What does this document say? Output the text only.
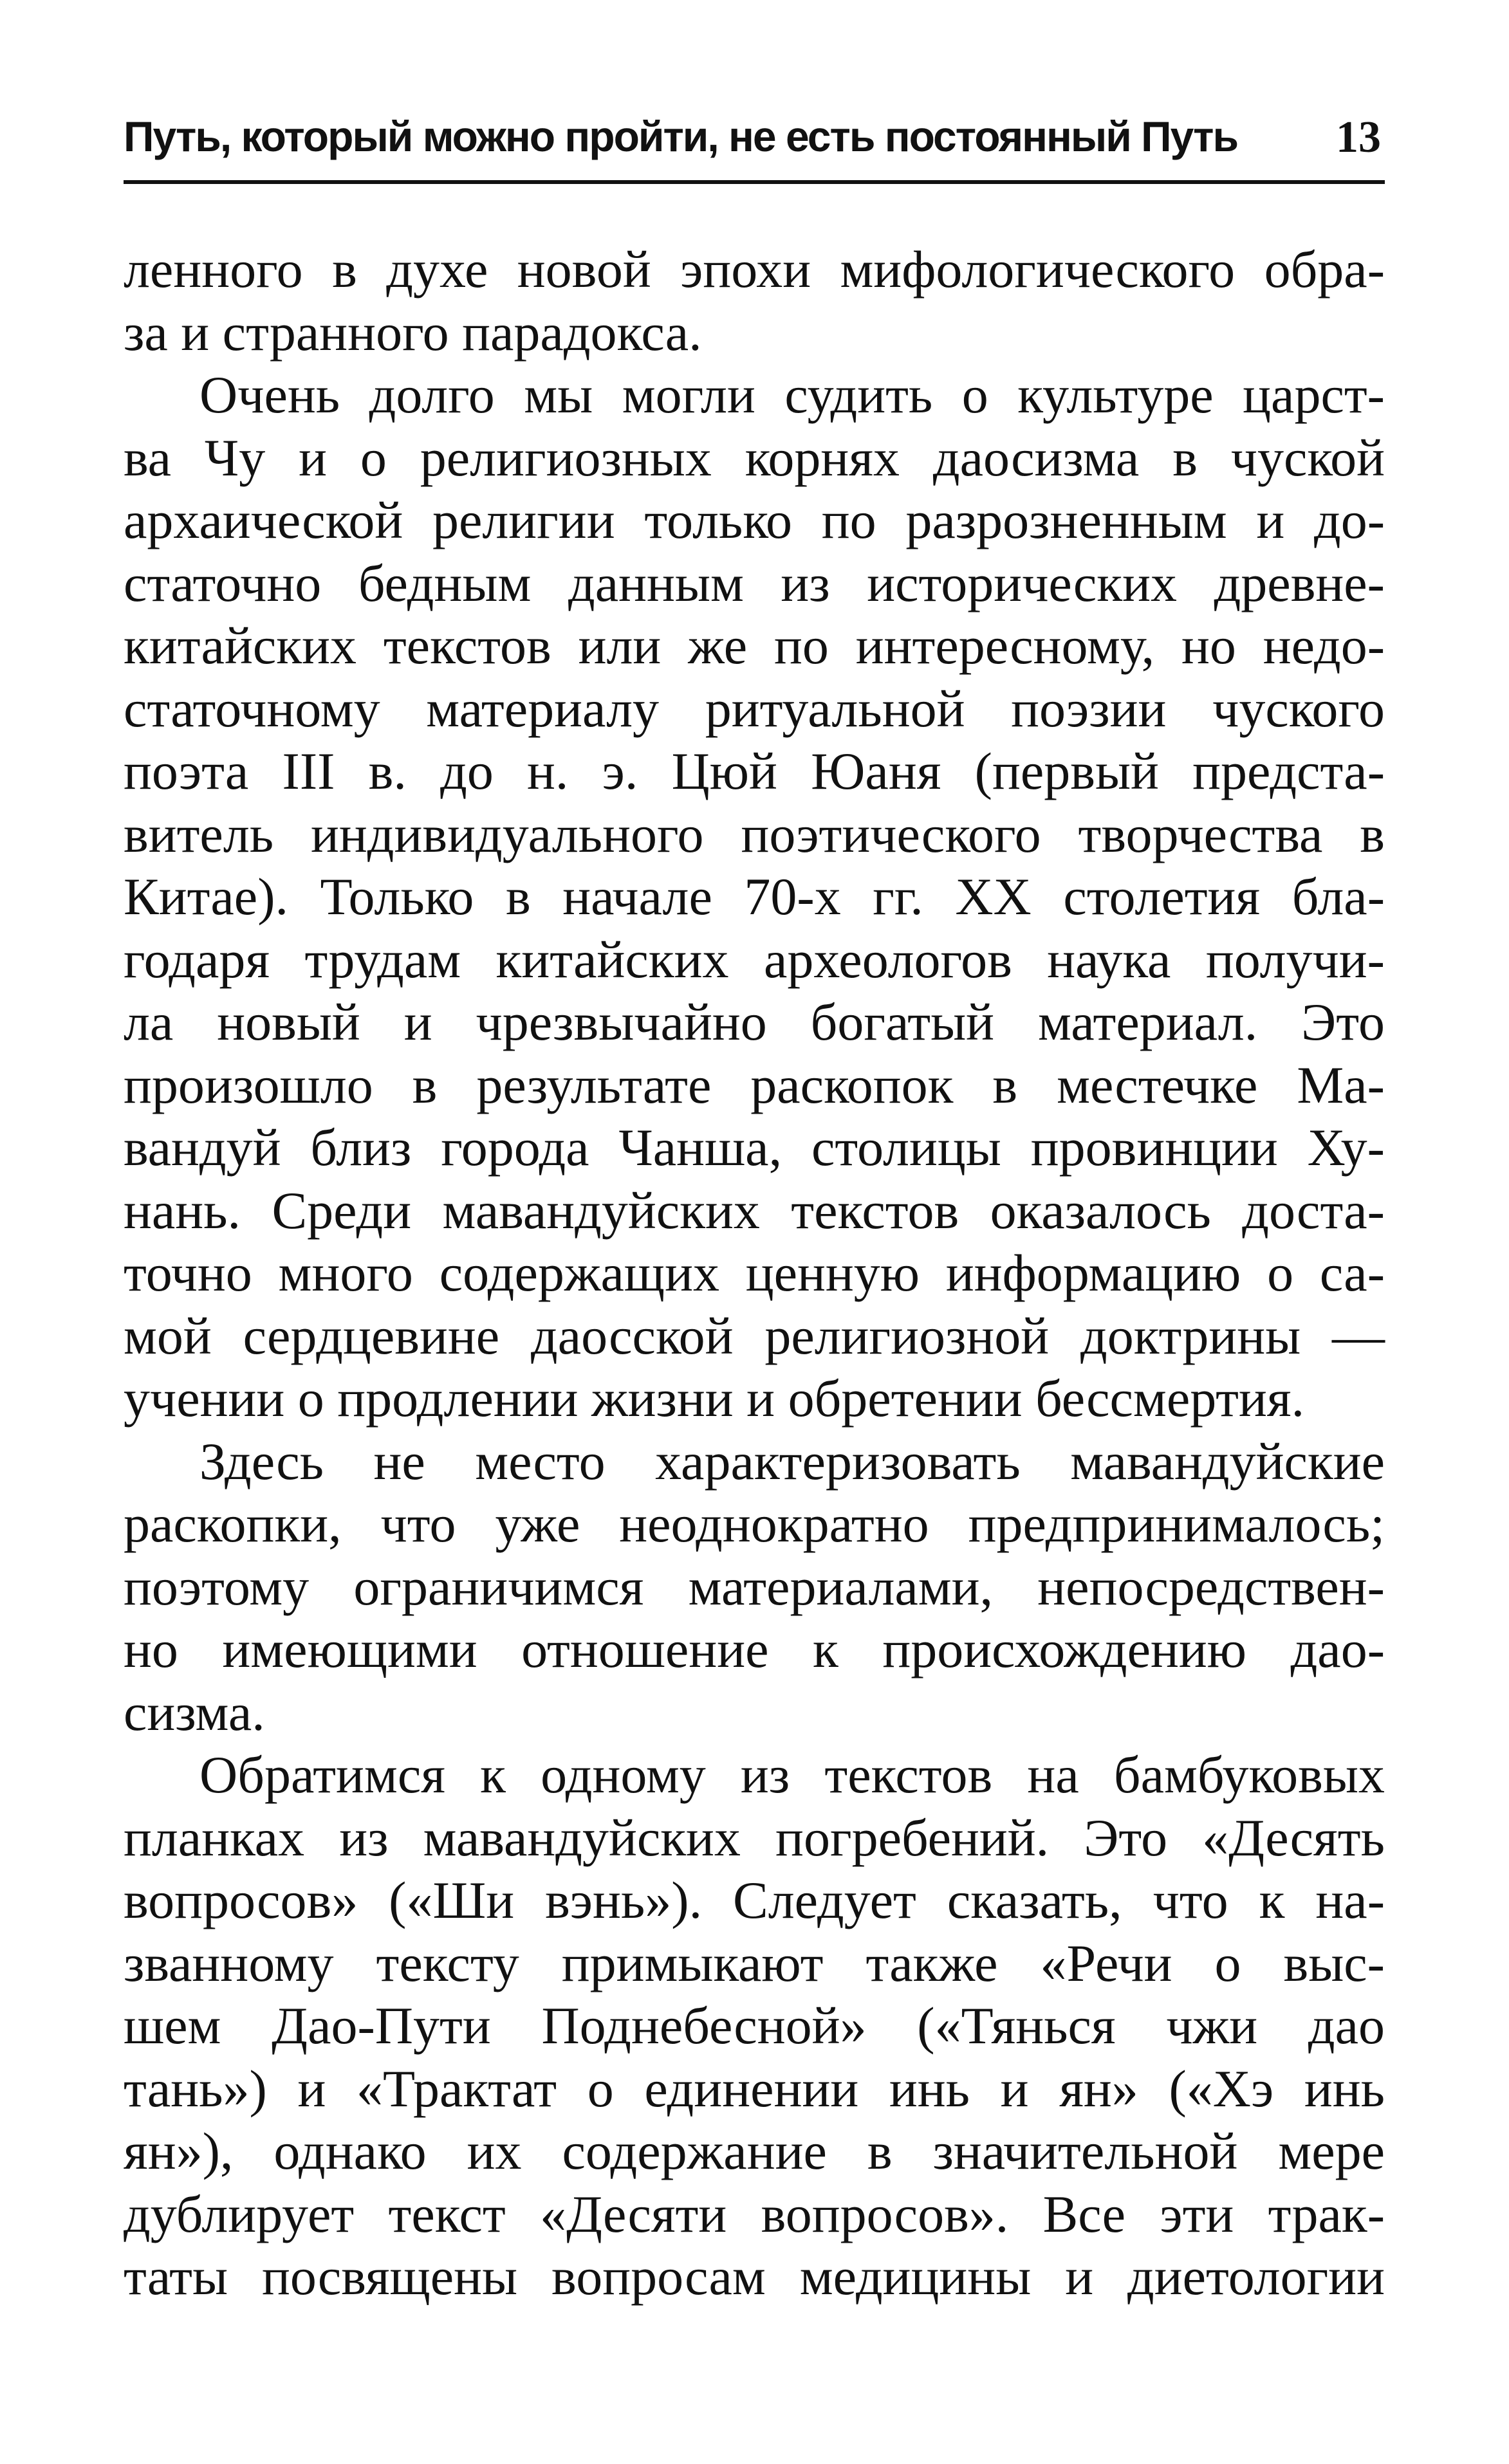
Путь, который можно пройти, не есть постоянный Путь 13
ленного в духе новой эпохи мифологического обра-
за и странного парадокса.
Очень долго мы могли судить о культуре царст-
ва Чу и о религиозных корнях даосизма в чуской
архаической религии только по разрозненным и до-
статочно бедным данным из исторических древне-
китайских текстов или же по интересному, но недо-
статочному материалу ритуальной поэзии чуского
поэта III в. до н. э. Цюй Юаня (первый предста-
витель индивидуального поэтического творчества в
Китае). Только в начале 70-х гг. XX столетия бла-
годаря трудам китайских археологов наука получи-
ла новый и чрезвычайно богатый материал. Это
произошло в результате раскопок в местечке Ма-
вандуй близ города Чанша, столицы провинции Ху-
нань. Среди мавандуйских текстов оказалось доста-
точно много содержащих ценную информацию о са-
мой сердцевине даосской религиозной доктрины —
учении о продлении жизни и обретении бессмертия.
Здесь не место характеризовать мавандуйские
раскопки, что уже неоднократно предпринималось;
поэтому ограничимся материалами, непосредствен-
но имеющими отношение к происхождению дао-
сизма.
Обратимся к одному из текстов на бамбуковых
планках из мавандуйских погребений. Это «Десять
вопросов» («Ши вэнь»). Следует сказать, что к на-
званному тексту примыкают также «Речи о выс-
шем Дао-Пути Поднебесной» («Тянься чжи дао
тань») и «Трактат о единении инь и ян» («Хэ инь
ян»), однако их содержание в значительной мере
дублирует текст «Десяти вопросов». Все эти трак-
таты посвящены вопросам медицины и диетологии
